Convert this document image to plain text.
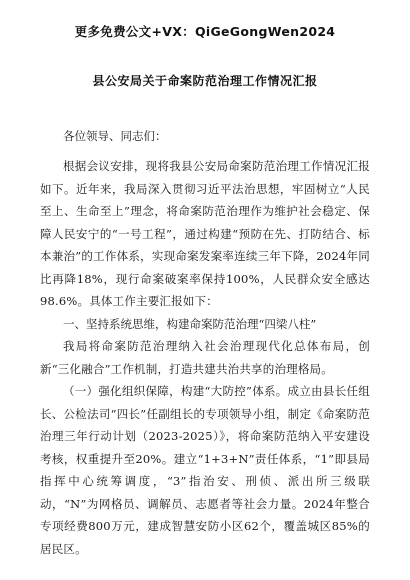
更多免费公文+VX：QiGeGongWen2024
县公安局关于命案防范治理工作情况汇报
各位领导、同志们：

根据会议安排，现将我县公安局命案防范治理工作情况汇报如下。近年来，我局深入贯彻习近平法治思想，牢固树立“人民至上、生命至上”理念，将命案防范治理作为维护社会稳定、保障人民安宁的“一号工程”，通过构建“预防在先、打防结合、标本兼治”的工作体系，实现命案发案率连续三年下降，2024年同比再降18%，现行命案破案率保持100%，人民群众安全感达98.6%。具体工作主要汇报如下：

一、坚持系统思维，构建命案防范治理“四梁八柱”

我局将命案防范治理纳入社会治理现代化总体布局，创新“三化融合”工作机制，打造共建共治共享的治理格局。

（一）强化组织保障，构建“大防控”体系。成立由县长任组长、公检法司“四长”任副组长的专项领导小组，制定《命案防范治理三年行动计划（2023-2025）》，将命案防范纳入平安建设考核，权重提升至20%。建立“1+3+N”责任体系，“1”即县局指挥中心统筹调度，“3”指治安、刑侦、派出所三级联动，“N”为网格员、调解员、志愿者等社会力量。2024年整合专项经费800万元，建成智慧安防小区62个，覆盖城区85%的居民区。
